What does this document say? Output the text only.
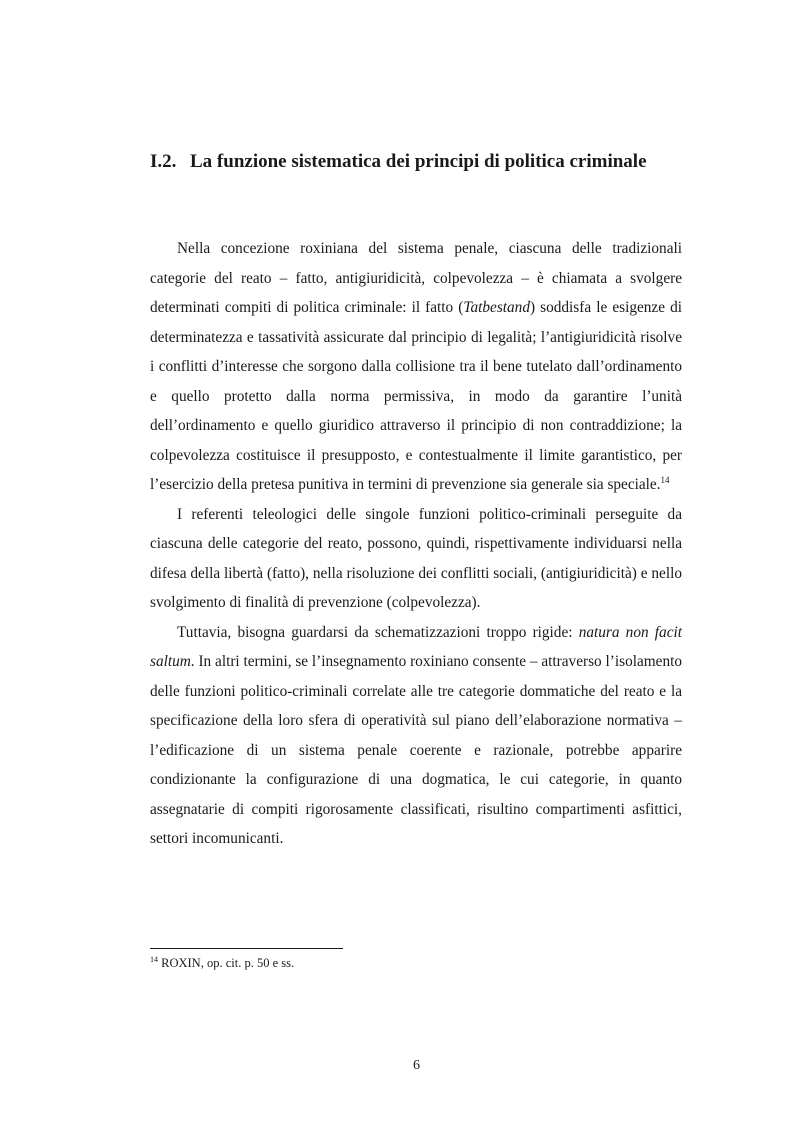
I.2. La funzione sistematica dei principi di politica criminale

Nella concezione roxiniana del sistema penale, ciascuna delle tradizionali categorie del reato – fatto, antigiuridicità, colpevolezza – è chiamata a svolgere determinati compiti di politica criminale: il fatto (Tatbestand) soddisfa le esigenze di determinatezza e tassatività assicurate dal principio di legalità; l’antigiuridicità risolve i conflitti d’interesse che sorgono dalla collisione tra il bene tutelato dall’ordinamento e quello protetto dalla norma permissiva, in modo da garantire l’unità dell’ordinamento e quello giuridico attraverso il principio di non contraddizione; la colpevolezza costituisce il presupposto, e contestualmente il limite garantistico, per l’esercizio della pretesa punitiva in termini di prevenzione sia generale sia speciale.$^{14}$

I referenti teleologici delle singole funzioni politico-criminali perseguite da ciascuna delle categorie del reato, possono, quindi, rispettivamente individuarsi nella difesa della libertà (fatto), nella risoluzione dei conflitti sociali, (antigiuridicità) e nello svolgimento di finalità di prevenzione (colpevolezza).

Tuttavia, bisogna guardarsi da schematizzazioni troppo rigide: natura non facit saltum. In altri termini, se l’insegnamento roxiniano consente – attraverso l’isolamento delle funzioni politico-criminali correlate alle tre categorie dommatiche del reato e la specificazione della loro sfera di operatività sul piano dell’elaborazione normativa – l’edificazione di un sistema penale coerente e razionale, potrebbe apparire condizionante la configurazione di una dogmatica, le cui categorie, in quanto assegnatarie di compiti rigorosamente classificati, risultino compartimenti asfittici, settori incomunicanti.

$^{14}$ ROXIN, op. cit. p. 50 e ss.

6
